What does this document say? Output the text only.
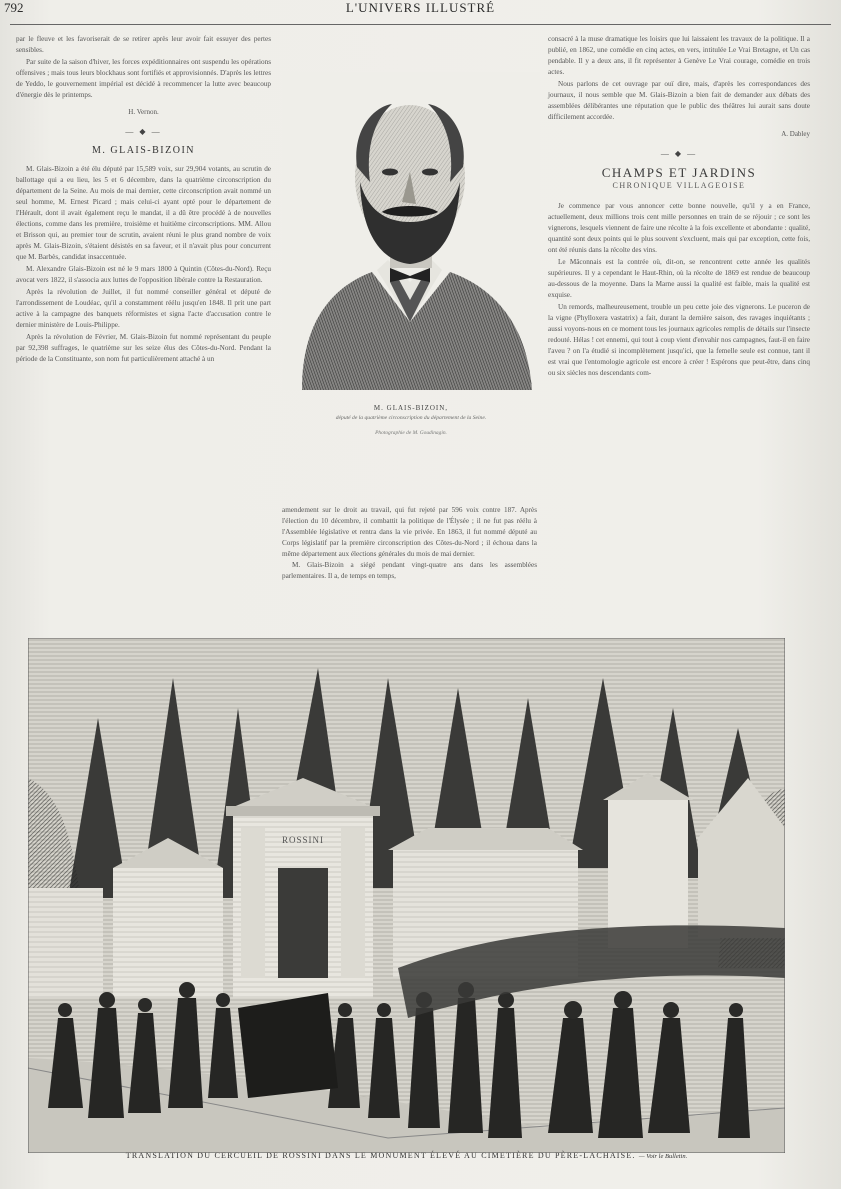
792	L'UNIVERS ILLUSTRÉ

par le fleuve et les favoriserait de se retirer après leur avoir fait essuyer des pertes sensibles.

Par suite de la saison d'hiver, les forces expéditionnaires ont suspendu les opérations offensives ; mais tous leurs blockhaus sont fortifiés et approvisionnés. D'après les lettres de Yeddo, le gouvernement impérial est décidé à recommencer la lutte avec beaucoup d'énergie dès le printemps.

H. Vernon.

— ◆ —
M. GLAIS-BIZOIN

M. Glais-Bizoin a été élu député par 15,589 voix, sur 29,904 votants, au scrutin de ballottage qui a eu lieu, les 5 et 6 décembre, dans la quatrième circonscription du département de la Seine. Au mois de mai dernier, cette circonscription avait nommé un seul homme, M. Ernest Picard ; mais celui-ci ayant opté pour le département de l'Hérault, dont il avait également reçu le mandat, il a dû être procédé à de nouvelles élections, comme dans les première, troisième et huitième circonscriptions. MM. Allou et Brisson qui, au premier tour de scrutin, avaient réuni le plus grand nombre de voix après M. Glais-Bizoin, s'étaient désistés en sa faveur, et il n'avait plus pour concurrent que M. Barbès, candidat insaccentuée.

M. Alexandre Glais-Bizoin est né le 9 mars 1800 à Quintin (Côtes-du-Nord). Reçu avocat vers 1822, il s'associa aux luttes de l'opposition libérale contre la Restauration.

Après la révolution de Juillet, il fut nommé conseiller général et député de l'arrondissement de Loudéac, qu'il a constamment réélu jusqu'en 1848. Il prit une part active à la campagne des banquets réformistes et signa l'acte d'accusation contre le dernier ministère de Louis-Philippe.

Après la révolution de Février, M. Glais-Bizoin fut nommé représentant du peuple par 92,398 suffrages, le quatrième sur les seize élus des Côtes-du-Nord. Pendant la période de la Constituante, son nom fut particulièrement attaché à un

M. GLAIS-BIZOIN,
député de la quatrième circonscription du département de la Seine.
Photographie de M. Goudinagin.

amendement sur le droit au travail, qui fut rejeté par 596 voix contre 187. Après l'élection du 10 décembre, il combattit la politique de l'Élysée ; il ne fut pas réélu à l'Assemblée législative et rentra dans la vie privée. En 1863, il fut nommé député au Corps législatif par la première circonscription des Côtes-du-Nord ; il échoua dans la même département aux élections générales du mois de mai dernier.

M. Glais-Bizoin a siégé pendant vingt-quatre ans dans les assemblées parlementaires. Il a, de temps en temps,

consacré à la muse dramatique les loisirs que lui laissaient les travaux de la politique. Il a publié, en 1862, une comédie en cinq actes, en vers, intitulée Le Vrai Bretagne, et Un cas pendable. Il y a deux ans, il fit représenter à Genève Le Vrai courage, comédie en trois actes.

Nous parlons de cet ouvrage par ouï dire, mais, d'après les correspondances des journaux, il nous semble que M. Glais-Bizoin a bien fait de demander aux débats des assemblées délibérantes une réputation que le public des théâtres lui aurait sans doute difficilement accordée.

A. Dabley

— ◆ —
CHAMPS ET JARDINS
CHRONIQUE VILLAGEOISE

Je commence par vous annoncer cette bonne nouvelle, qu'il y a en France, actuellement, deux millions trois cent mille personnes en train de se réjouir ; ce sont les vignerons, lesquels viennent de faire une récolte à la fois excellente et abondante : qualité, quantité sont deux points qui le plus souvent s'excluent, mais qui par exception, cette fois, ont été réunis dans la récolte des vins.

Le Mâconnais est la contrée où, dit-on, se rencontrent cette année les qualités supérieures. Il y a cependant le Haut-Rhin, où la récolte de 1869 est rendue de beaucoup au-dessous de la moyenne. Dans la Marne aussi la qualité est faible, mais la qualité est exquise.

Un remords, malheureusement, trouble un peu cette joie des vignerons. Le puceron de la vigne (Phylloxera vastatrix) a fait, durant la dernière saison, des ravages inquiétants ; aussi voyons-nous en ce moment tous les journaux agricoles remplis de détails sur l'insecte redouté. Hélas ! cet ennemi, qui tout à coup vient d'envahir nos campagnes, faut-il en faire l'aveu ? on l'a étudié si incomplètement jusqu'ici, que la femelle seule est connue, tant il est vrai que l'entomologie agricole est encore à créer ! Espérons que peut-être, dans cinq ou six siècles nos descendants com-

ROSSINI
TRANSLATION DU CERCUEIL DE ROSSINI DANS LE MONUMENT ÉLEVÉ AU CIMETIÈRE DU PÈRE-LACHAISE. — Voir le Bulletin.
